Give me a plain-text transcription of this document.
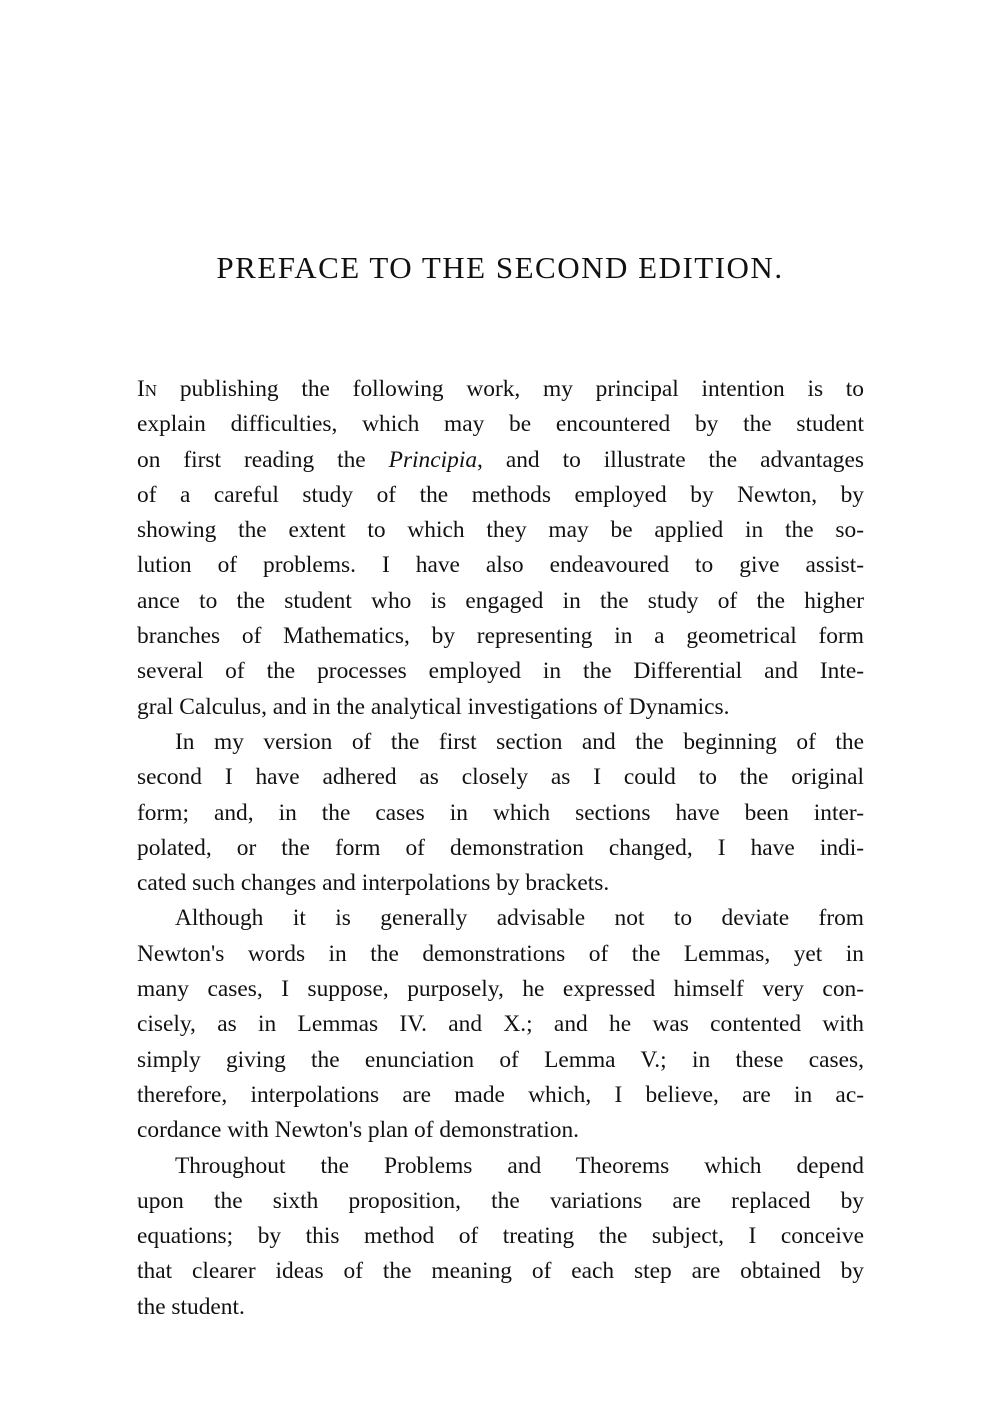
PREFACE TO THE SECOND EDITION.
In publishing the following work, my principal intention is to
explain difficulties, which may be encountered by the student
on first reading the Principia, and to illustrate the advantages
of a careful study of the methods employed by Newton, by
showing the extent to which they may be applied in the so-
lution of problems. I have also endeavoured to give assist-
ance to the student who is engaged in the study of the higher
branches of Mathematics, by representing in a geometrical form
several of the processes employed in the Differential and Inte-
gral Calculus, and in the analytical investigations of Dynamics.
In my version of the first section and the beginning of the
second I have adhered as closely as I could to the original
form; and, in the cases in which sections have been inter-
polated, or the form of demonstration changed, I have indi-
cated such changes and interpolations by brackets.
Although it is generally advisable not to deviate from
Newton's words in the demonstrations of the Lemmas, yet in
many cases, I suppose, purposely, he expressed himself very con-
cisely, as in Lemmas IV. and X.; and he was contented with
simply giving the enunciation of Lemma V.; in these cases,
therefore, interpolations are made which, I believe, are in ac-
cordance with Newton's plan of demonstration.
Throughout the Problems and Theorems which depend
upon the sixth proposition, the variations are replaced by
equations; by this method of treating the subject, I conceive
that clearer ideas of the meaning of each step are obtained by
the student.
